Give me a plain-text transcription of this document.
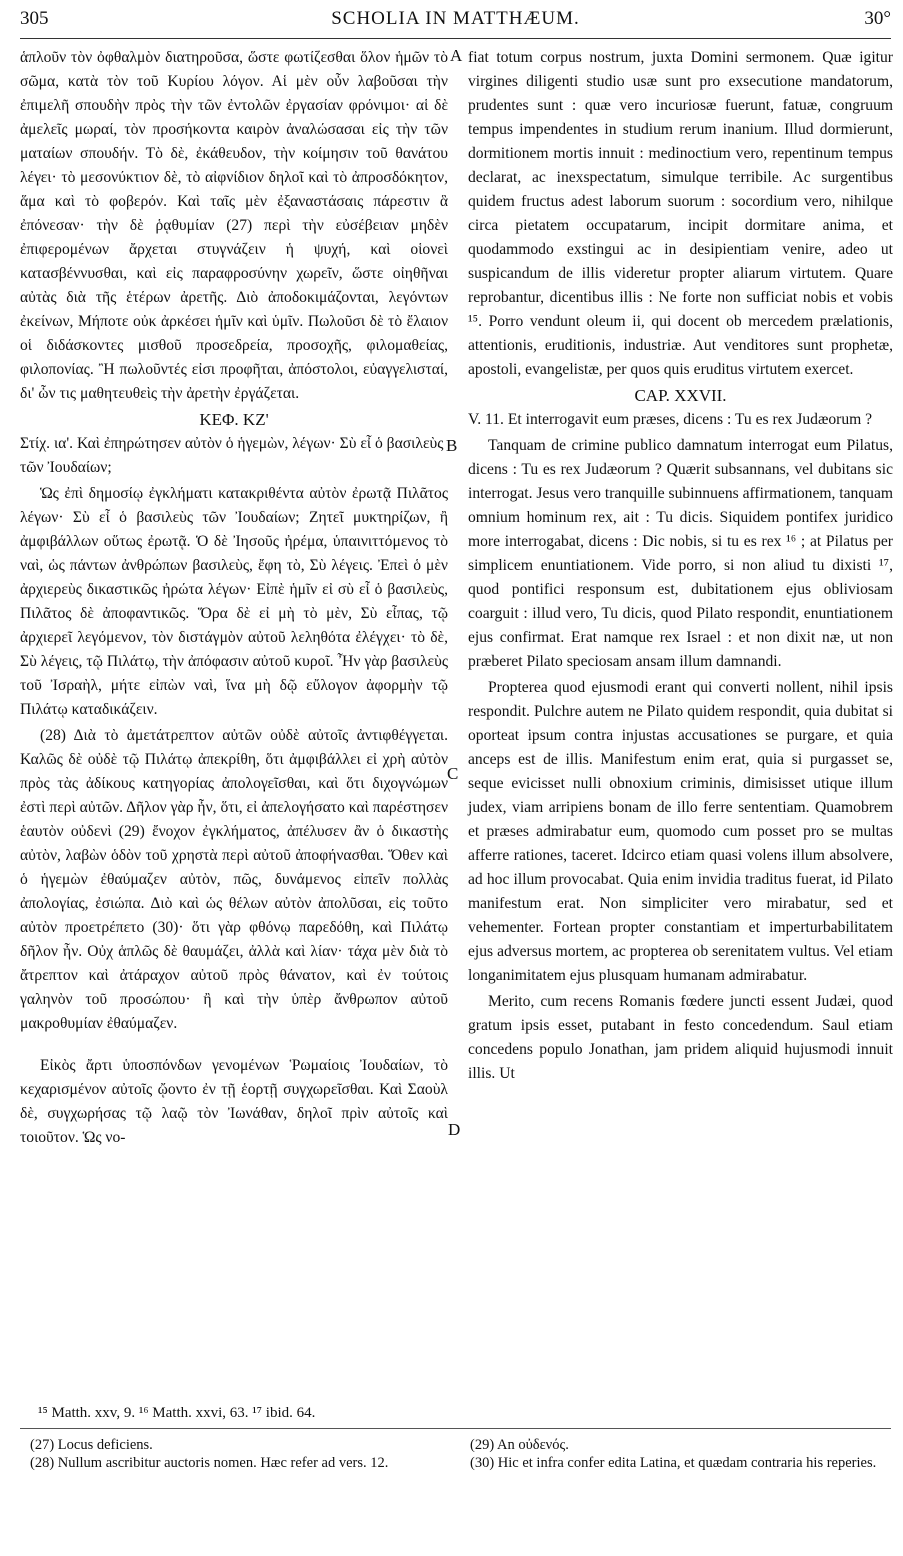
305	SCHOLIA IN MATTHÆUM.	30°
A
B
C
D

ἁπλοῦν τὸν ὀφθαλμὸν διατηροῦσα, ὥστε φωτίζεσθαι ὅλον ἡμῶν τὸ σῶμα, κατὰ τὸν τοῦ Κυρίου λόγον. Αἱ μὲν οὖν λαβοῦσαι τὴν ἐπιμελῆ σπουδὴν πρὸς τὴν τῶν ἐντολῶν ἐργασίαν φρόνιμοι· αἱ δὲ ἀμελεῖς μωραί, τὸν προσήκοντα καιρὸν ἀναλώσασαι εἰς τὴν τῶν ματαίων σπουδήν. Τὸ δὲ, ἐκάθευδον, τὴν κοίμησιν τοῦ θανάτου λέγει· τὸ μεσονύκτιον δὲ, τὸ αἰφνίδιον δηλοῖ καὶ τὸ ἀπροσδόκητον, ἅμα καὶ τὸ φοβερόν. Καὶ ταῖς μὲν ἐξαναστάσαις πάρεστιν ἃ ἐπόνεσαν· τὴν δὲ ῥᾳθυμίαν (27) περὶ τὴν εὐσέβειαν μηδὲν ἐπιφερομένων ἄρχεται στυγνάζειν ἡ ψυχή, καὶ οἱονεὶ κατασβέννυσθαι, καὶ εἰς παραφροσύνην χωρεῖν, ὥστε οἰηθῆναι αὐτὰς διὰ τῆς ἑτέρων ἀρετῆς. Διὸ ἀποδοκιμάζονται, λεγόντων ἐκείνων, Μήποτε οὐκ ἀρκέσει ἡμῖν καὶ ὑμῖν. Πωλοῦσι δὲ τὸ ἔλαιον οἱ διδάσκοντες μισθοῦ προσεδρεία, προσοχῆς, φιλομαθείας, φιλοπονίας. Ἢ πωλοῦντές εἰσι προφῆται, ἀπόστολοι, εὐαγγελισταί, δι' ὧν τις μαθητευθεὶς τὴν ἀρετὴν ἐργάζεται.

ΚΕΦ. ΚΖ'

Στίχ. ια'. Καὶ ἐπηρώτησεν αὐτὸν ὁ ἡγεμὼν, λέγων· Σὺ εἶ ὁ βασιλεὺς τῶν Ἰουδαίων;

Ὡς ἐπὶ δημοσίῳ ἐγκλήματι κατακριθέντα αὐτὸν ἐρωτᾷ Πιλᾶτος λέγων· Σὺ εἶ ὁ βασιλεὺς τῶν Ἰουδαίων; Ζητεῖ μυκτηρίζων, ἢ ἀμφιβάλλων οὕτως ἐρωτᾷ. Ὁ δὲ Ἰησοῦς ἠρέμα, ὑπαινιττόμενος τὸ ναὶ, ὡς πάντων ἀνθρώπων βασιλεὺς, ἔφη τὸ, Σὺ λέγεις. Ἐπεὶ ὁ μὲν ἀρχιερεὺς δικαστικῶς ἠρώτα λέγων· Εἰπὲ ἡμῖν εἰ σὺ εἶ ὁ βασιλεὺς, Πιλᾶτος δὲ ἀποφαντικῶς. Ὅρα δὲ εἰ μὴ τὸ μὲν, Σὺ εἶπας, τῷ ἀρχιερεῖ λεγόμενον, τὸν διστάγμὸν αὐτοῦ λεληθότα ἐλέγχει· τὸ δὲ, Σὺ λέγεις, τῷ Πιλάτῳ, τὴν ἀπόφασιν αὐτοῦ κυροῖ. Ἦν γὰρ βασιλεὺς τοῦ Ἰσραὴλ, μήτε εἰπὼν ναὶ, ἵνα μὴ δῷ εὔλογον ἀφορμὴν τῷ Πιλάτῳ καταδικάζειν.

(28) Διὰ τὸ ἀμετάτρεπτον αὐτῶν οὐδὲ αὐτοῖς ἀντιφθέγγεται. Καλῶς δὲ οὐδὲ τῷ Πιλάτῳ ἀπεκρίθη, ὅτι ἀμφιβάλλει εἰ χρὴ αὐτὸν πρὸς τὰς ἀδίκους κατηγορίας ἀπολογεῖσθαι, καὶ ὅτι διχογνώμων ἐστὶ περὶ αὐτῶν. Δῆλον γὰρ ἦν, ὅτι, εἰ ἀπελογήσατο καὶ παρέστησεν ἑαυτὸν οὐδενὶ (29) ἔνοχον ἐγκλήματος, ἀπέλυσεν ἂν ὁ δικαστὴς αὐτὸν, λαβὼν ὁδὸν τοῦ χρηστὰ περὶ αὐτοῦ ἀποφήνασθαι. Ὅθεν καὶ ὁ ἡγεμὼν ἐθαύμαζεν αὐτὸν, πῶς, δυνάμενος εἰπεῖν πολλὰς ἀπολογίας, ἐσιώπα. Διὸ καὶ ὡς θέλων αὐτὸν ἀπολῦσαι, εἰς τοῦτο αὐτὸν προετρέπετο (30)· ὅτι γὰρ φθόνῳ παρεδόθη, καὶ Πιλάτῳ δῆλον ἦν. Οὐχ ἁπλῶς δὲ θαυμάζει, ἀλλὰ καὶ λίαν· τάχα μὲν διὰ τὸ ἄτρεπτον καὶ ἀτάραχον αὐτοῦ πρὸς θάνατον, καὶ ἐν τούτοις γαληνὸν τοῦ προσώπου· ἢ καὶ τὴν ὑπὲρ ἄνθρωπον αὐτοῦ μακροθυμίαν ἐθαύμαζεν.

Εἰκὸς ἄρτι ὑποσπόνδων γενομένων Ῥωμαίοις Ἰουδαίων, τὸ κεχαρισμένον αὐτοῖς ᾤοντο ἐν τῇ ἑορτῇ συγχωρεῖσθαι. Καὶ Σαοὺλ δὲ, συγχωρήσας τῷ λαῷ τὸν Ἰωνάθαν, δηλοῖ πρὶν αὐτοῖς καὶ τοιοῦτον. Ὡς νο-

fiat totum corpus nostrum, juxta Domini sermonem. Quæ igitur virgines diligenti studio usæ sunt pro exsecutione mandatorum, prudentes sunt : quæ vero incuriosæ fuerunt, fatuæ, congruum tempus impendentes in studium rerum inanium. Illud dormierunt, dormitionem mortis innuit : medinoctium vero, repentinum tempus declarat, ac inexspectatum, simulque terribile. Ac surgentibus quidem fructus adest laborum suorum : socordium vero, nihilque circa pietatem occupatarum, incipit dormitare anima, et quodammodo exstingui ac in desipientiam venire, adeo ut suspicandum de illis videretur propter aliarum virtutem. Quare reprobantur, dicentibus illis : Ne forte non sufficiat nobis et vobis ¹⁵. Porro vendunt oleum ii, qui docent ob mercedem prælationis, attentionis, eruditionis, industriæ. Aut venditores sunt prophetæ, apostoli, evangelistæ, per quos quis eruditus virtutem exercet.

CAP. XXVII.

V. 11. Et interrogavit eum præses, dicens : Tu es rex Judæorum ?

Tanquam de crimine publico damnatum interrogat eum Pilatus, dicens : Tu es rex Judæorum ? Quærit subsannans, vel dubitans sic interrogat. Jesus vero tranquille subinnuens affirmationem, tanquam omnium hominum rex, ait : Tu dicis. Siquidem pontifex juridico more interrogabat, dicens : Dic nobis, si tu es rex ¹⁶ ; at Pilatus per simplicem enuntiationem. Vide porro, si non aliud tu dixisti ¹⁷, quod pontifici responsum est, dubitationem ejus obliviosam coarguit : illud vero, Tu dicis, quod Pilato respondit, enuntiationem ejus confirmat. Erat namque rex Israel : et non dixit næ, ut non præberet Pilato speciosam ansam illum damnandi.

Propterea quod ejusmodi erant qui converti nollent, nihil ipsis respondit. Pulchre autem ne Pilato quidem respondit, quia dubitat si oporteat ipsum contra injustas accusationes se purgare, et quia anceps est de illis. Manifestum enim erat, quia si purgasset se, seque evicisset nulli obnoxium criminis, dimisisset utique illum judex, viam arripiens bonam de illo ferre sententiam. Quamobrem et præses admirabatur eum, quomodo cum posset pro se multas afferre rationes, taceret. Idcirco etiam quasi volens illum absolvere, ad hoc illum provocabat. Quia enim invidia traditus fuerat, id Pilato manifestum erat. Non simpliciter vero mirabatur, sed et vehementer. Fortean propter constantiam et imperturbabilitatem ejus adversus mortem, ac propterea ob serenitatem vultus. Vel etiam longanimitatem ejus plusquam humanam admirabatur.

Merito, cum recens Romanis fœdere juncti essent Judæi, quod gratum ipsis esset, putabant in festo concedendum. Saul etiam concedens populo Jonathan, jam pridem aliquid hujusmodi innuit illis. Ut

¹⁵ Matth. xxv, 9. ¹⁶ Matth. xxvi, 63. ¹⁷ ibid. 64.

(27) Locus deficiens.

(28) Nullum ascribitur auctoris nomen. Hæc refer ad vers. 12.

(29) An οὐδενός.

(30) Hic et infra confer edita Latina, et quædam contraria his reperies.
